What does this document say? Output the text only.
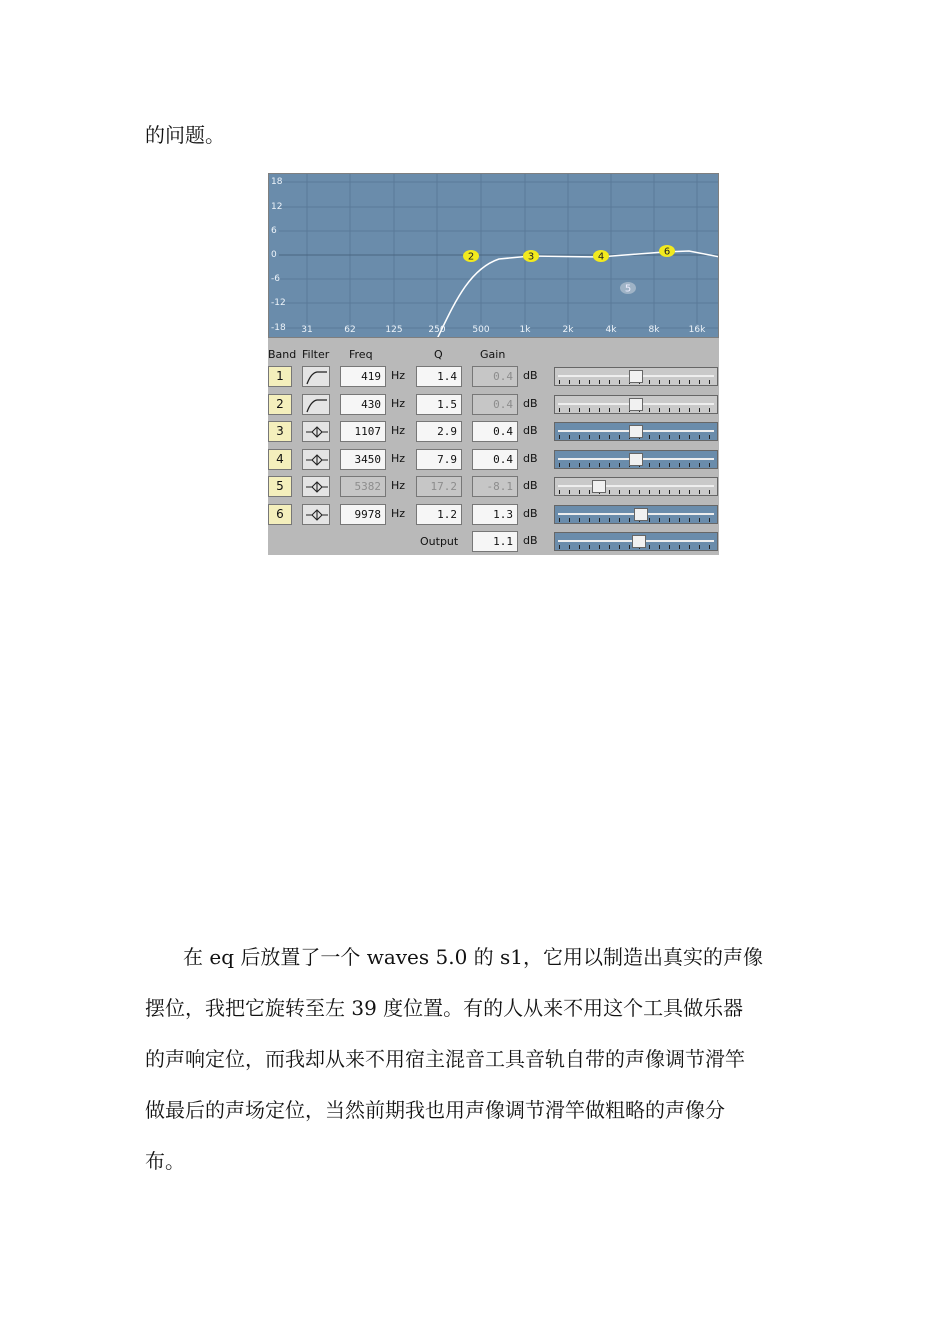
的问题。
2	3	4	6
5
18
12
6
0
-6
-12
-18 31	62	125	250	500	1k	2k	4k	8k	16k
Band Filter Freq	Q	Gain
1	419 Hz	1.4	0.4 dB
2	430 Hz	1.5	0.4 dB
3	1107 Hz	2.9	0.4 dB
4	3450 Hz	7.9	0.4 dB
5	5382 Hz	17.2	-8.1 dB
6	9978 Hz	1.2	1.3 dB
Output	1.1 dB
在 eq 后放置了一个 waves 5.0 的 s1，它用以制造出真实的声像
摆位，我把它旋转至左 39 度位置。有的人从来不用这个工具做乐器
的声响定位，而我却从来不用宿主混音工具音轨自带的声像调节滑竿
做最后的声场定位，当然前期我也用声像调节滑竿做粗略的声像分
布。
